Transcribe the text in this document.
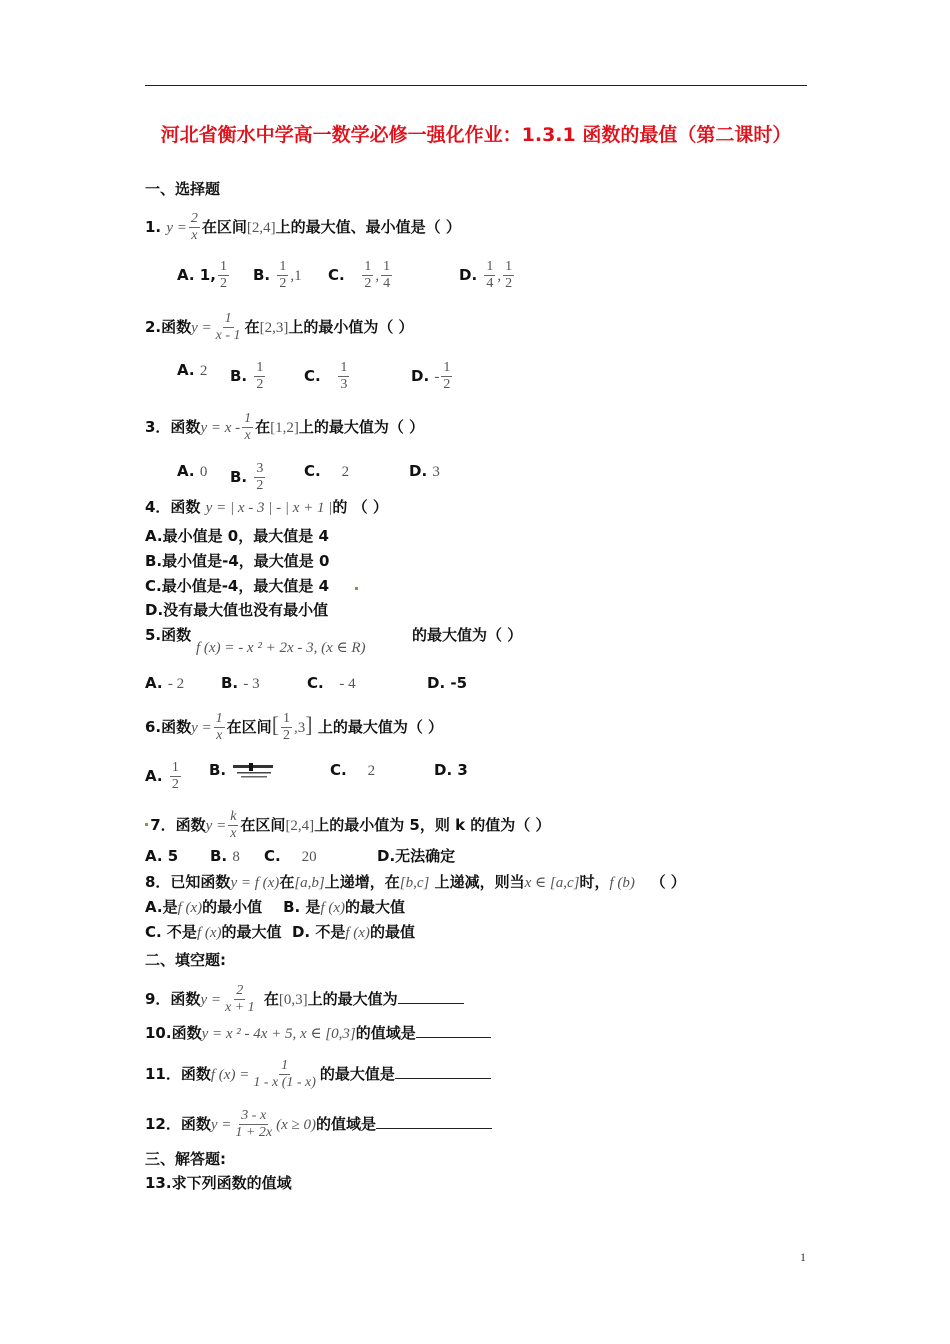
河北省衡水中学高一数学必修一强化作业：1.3.1 函数的最值（第二课时）
一、选择题
1. $y = \frac{2}{x}$ 在区间[2,4]上的最大值、最小值是（ ）
A. 1, $\frac{1}{2} B$. $\frac{1}{2} ,1$ C. $\frac{1}{2}$ , $\frac{1}{4}$	D. $\frac{1}{4}$ , $\frac{1}{2}$
2.函数$y = \frac{1}{x - 1}$ 在[2,3]上的最小值为（ ）
A. 2 B. $\frac{1}{2}$	C. $\frac{1}{3}$	D. - $\frac{1}{2}$
3．函数$y = x - \frac{1}{x}$ 在[1,2]上的最大值为（ ）
A. 0 B. $\frac{3}{2}$	C. 2	D. 3
4．函数 y = | x - 3 | - | x + 1 |的 （ ）
A.最小值是 0，最大值是 4
B.最小值是-4，最大值是 0
C.最小值是-4，最大值是 4
D.没有最大值也没有最小值
5.函数
f (x) = - x ² + 2x - 3, (x ∈ R)
的最大值为（ ）
A. - 2 B. - 3	C. - 4	D. -5
6.函数$y = \frac{1}{x}$ 在区间[ $\frac{1}{2} ,3$] 上的最大值为（ ）
A. $\frac{1}{2} B$.	C. 2	D. 3
7．函数$y = \frac{k}{x}$ 在区间[2,4]上的最小值为 5，则 k 的值为（ ）
A. 5 B. 8 C. 20	D.无法确定
8．已知函数y = f (x)在[a,b]上递增，在[b,c] 上递减，则当x ∈ [a,c]时，f (b) （ ）
A.是f (x)的最小值 B. 是f (x)的最大值
C. 不是f (x)的最大值 D. 不是f (x)的最值
二、填空题:
9．函数$y = \frac{2}{x + 1}$ 在[0,3]上的最大值为
10.函数y = x ² - 4x + 5, x ∈ [0,3]的值域是
11．函数f $(x) = \frac{1}{1 - x (1 - x)}$ 的最大值是
12．函数$y = \frac{3 - x}{1 + 2x} (x \ge 0)$的值域是
三、解答题:
13.求下列函数的值域
1
